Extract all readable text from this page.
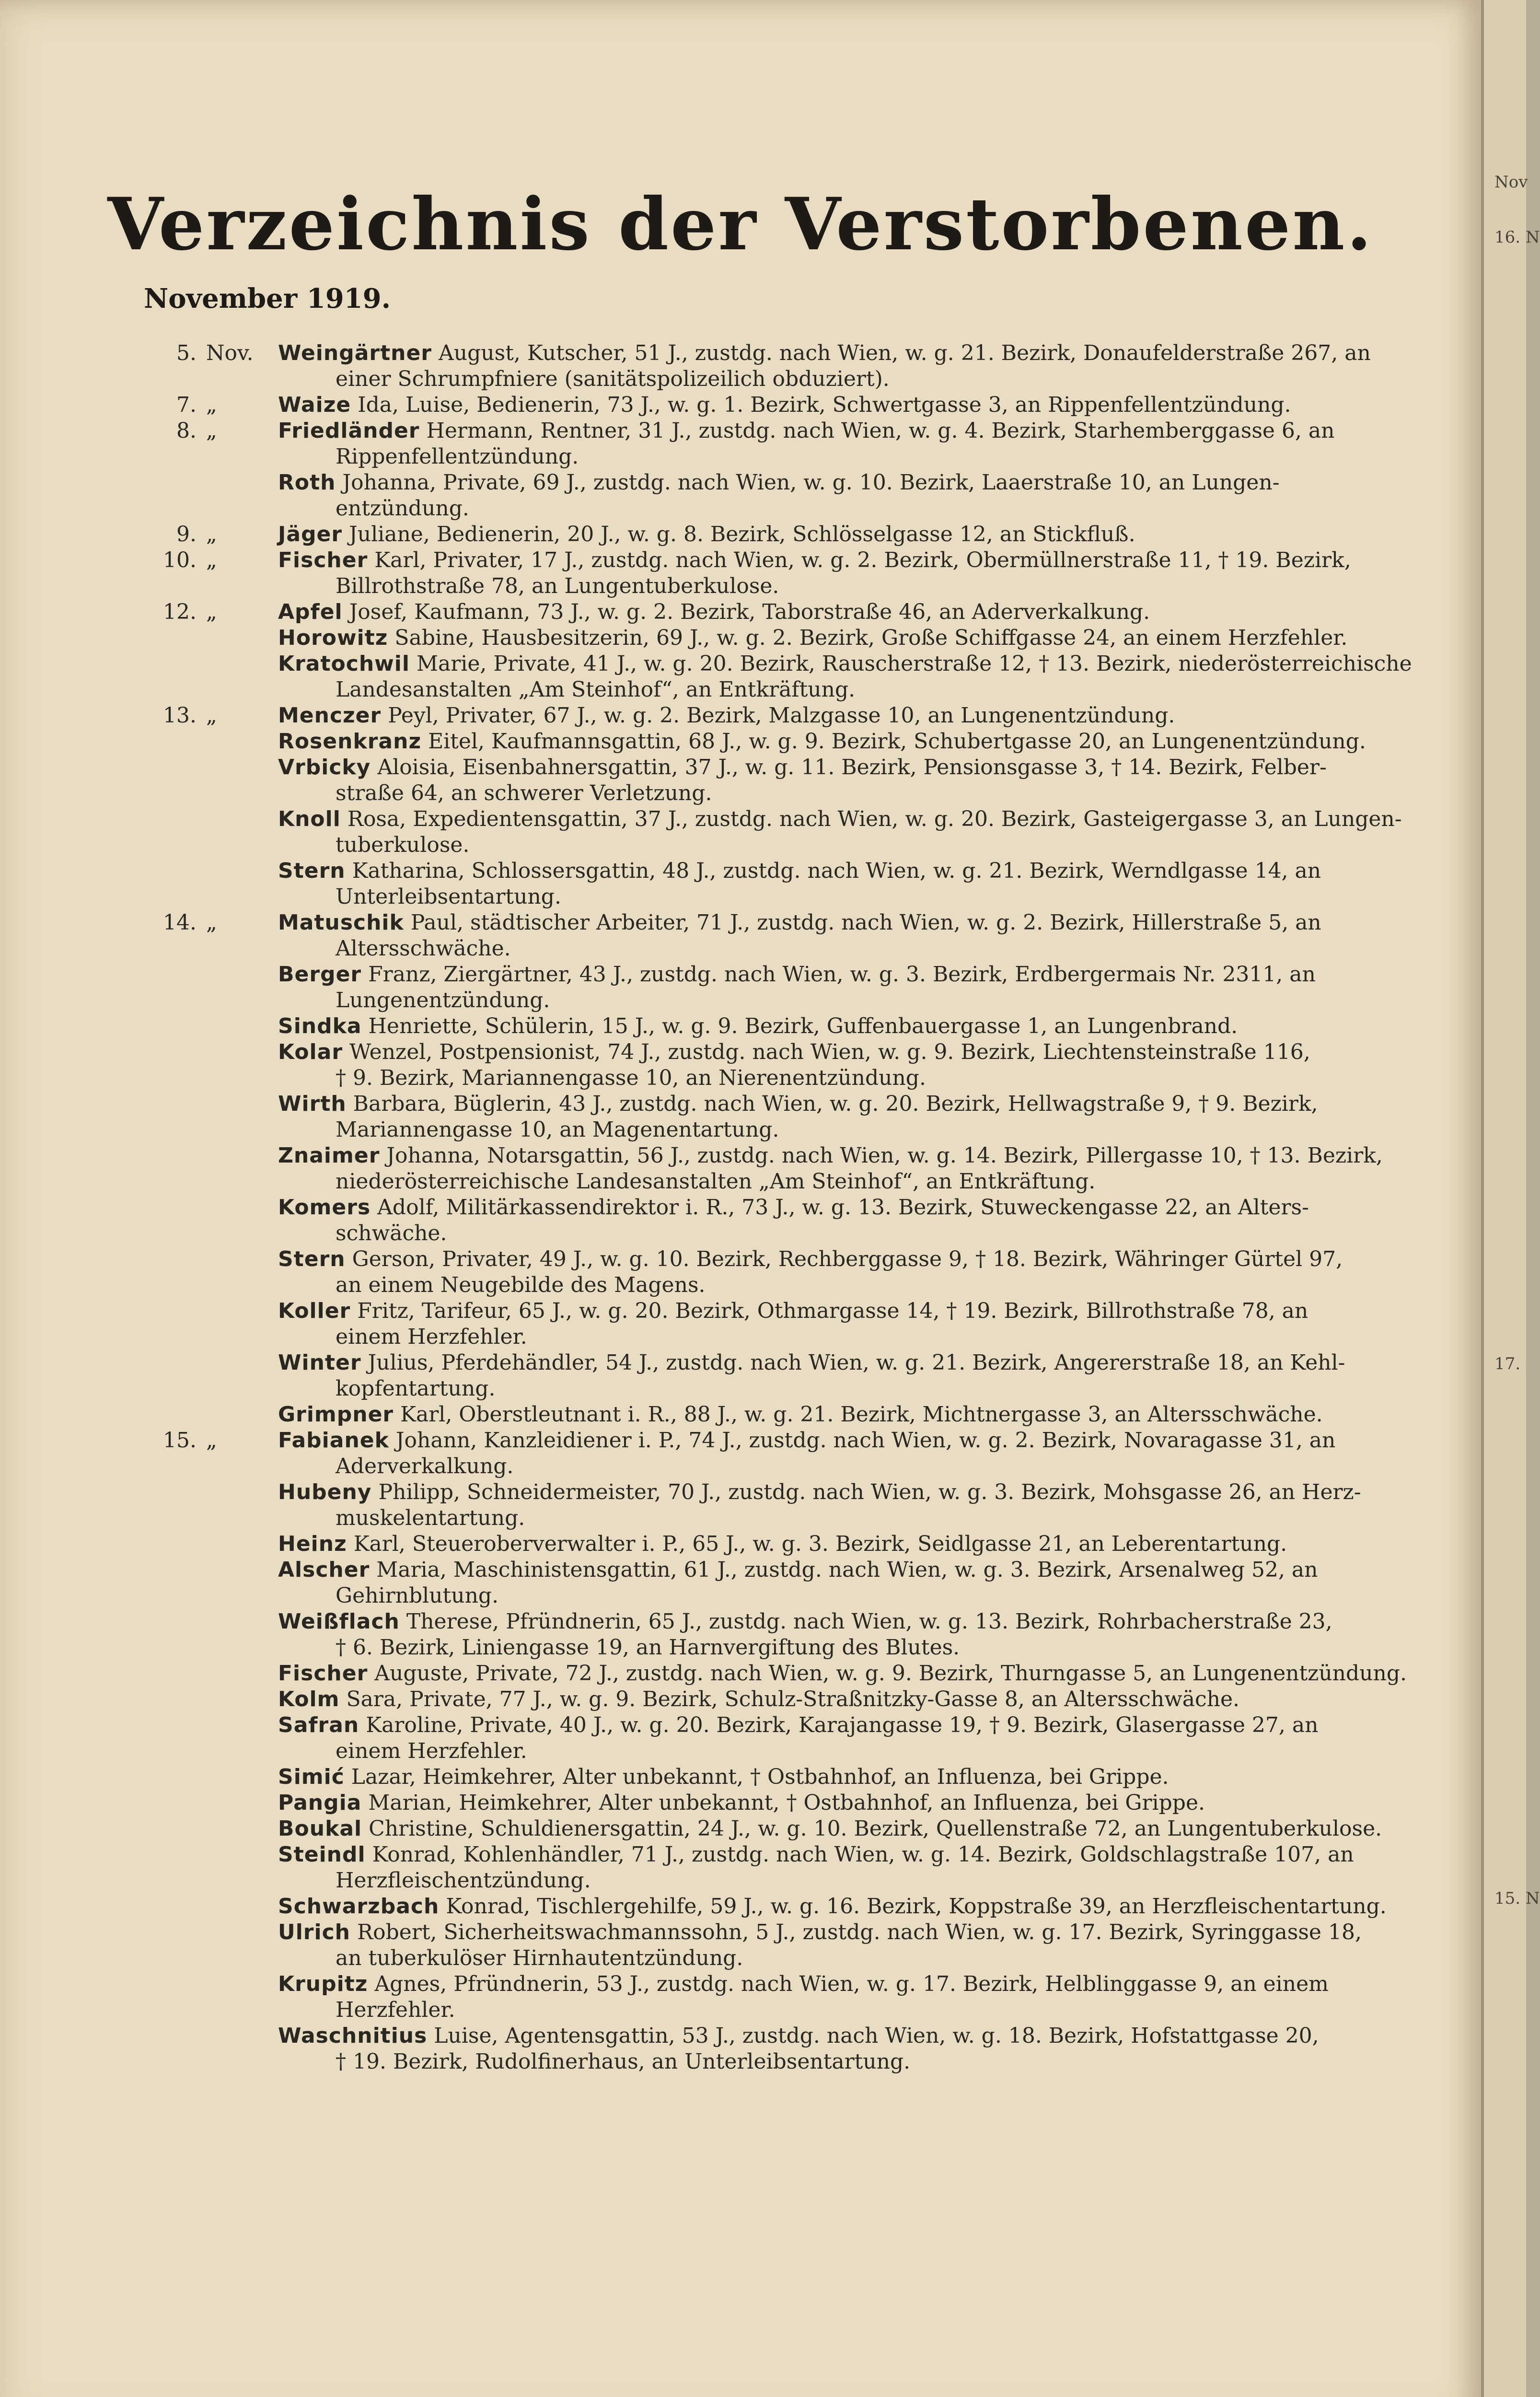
Verzeichnis der Verstorbenen.
November 1919.
5. Nov.	Weingärtner August, Kutscher, 51 J., zustdg. nach Wien, w. g. 21. Bezirk, Donaufelderstraße 267, an
einer Schrumpfniere (sanitätspolizeilich obduziert).
7. „	Waize Ida, Luise, Bedienerin, 73 J., w. g. 1. Bezirk, Schwertgasse 3, an Rippenfellentzündung.
8. „	Friedländer Hermann, Rentner, 31 J., zustdg. nach Wien, w. g. 4. Bezirk, Starhemberggasse 6, an
Rippenfellentzündung.
Roth Johanna, Private, 69 J., zustdg. nach Wien, w. g. 10. Bezirk, Laaerstraße 10, an Lungen-
entzündung.
9. „	Jäger Juliane, Bedienerin, 20 J., w. g. 8. Bezirk, Schlösselgasse 12, an Stickfluß.
10. „	Fischer Karl, Privater, 17 J., zustdg. nach Wien, w. g. 2. Bezirk, Obermüllnerstraße 11, † 19. Bezirk,
Billrothstraße 78, an Lungentuberkulose.
12. „	Apfel Josef, Kaufmann, 73 J., w. g. 2. Bezirk, Taborstraße 46, an Aderverkalkung.
Horowitz Sabine, Hausbesitzerin, 69 J., w. g. 2. Bezirk, Große Schiffgasse 24, an einem Herzfehler.
Kratochwil Marie, Private, 41 J., w. g. 20. Bezirk, Rauscherstraße 12, † 13. Bezirk, niederösterreichische
Landesanstalten „Am Steinhof“, an Entkräftung.
13. „	Menczer Peyl, Privater, 67 J., w. g. 2. Bezirk, Malzgasse 10, an Lungenentzündung.
Rosenkranz Eitel, Kaufmannsgattin, 68 J., w. g. 9. Bezirk, Schubertgasse 20, an Lungenentzündung.
Vrbicky Aloisia, Eisenbahnersgattin, 37 J., w. g. 11. Bezirk, Pensionsgasse 3, † 14. Bezirk, Felber-
straße 64, an schwerer Verletzung.
Knoll Rosa, Expedientensgattin, 37 J., zustdg. nach Wien, w. g. 20. Bezirk, Gasteigergasse 3, an Lungen-
tuberkulose.
Stern Katharina, Schlossersgattin, 48 J., zustdg. nach Wien, w. g. 21. Bezirk, Werndlgasse 14, an
Unterleibsentartung.
14. „	Matuschik Paul, städtischer Arbeiter, 71 J., zustdg. nach Wien, w. g. 2. Bezirk, Hillerstraße 5, an
Altersschwäche.
Berger Franz, Ziergärtner, 43 J., zustdg. nach Wien, w. g. 3. Bezirk, Erdbergermais Nr. 2311, an
Lungenentzündung.
Sindka Henriette, Schülerin, 15 J., w. g. 9. Bezirk, Guffenbauergasse 1, an Lungenbrand.
Kolar Wenzel, Postpensionist, 74 J., zustdg. nach Wien, w. g. 9. Bezirk, Liechtensteinstraße 116,
† 9. Bezirk, Mariannengasse 10, an Nierenentzündung.
Wirth Barbara, Büglerin, 43 J., zustdg. nach Wien, w. g. 20. Bezirk, Hellwagstraße 9, † 9. Bezirk,
Mariannengasse 10, an Magenentartung.
Znaimer Johanna, Notarsgattin, 56 J., zustdg. nach Wien, w. g. 14. Bezirk, Pillergasse 10, † 13. Bezirk,
niederösterreichische Landesanstalten „Am Steinhof“, an Entkräftung.
Komers Adolf, Militärkassendirektor i. R., 73 J., w. g. 13. Bezirk, Stuweckengasse 22, an Alters-
schwäche.
Stern Gerson, Privater, 49 J., w. g. 10. Bezirk, Rechberggasse 9, † 18. Bezirk, Währinger Gürtel 97,
an einem Neugebilde des Magens.
Koller Fritz, Tarifeur, 65 J., w. g. 20. Bezirk, Othmargasse 14, † 19. Bezirk, Billrothstraße 78, an
einem Herzfehler.
Winter Julius, Pferdehändler, 54 J., zustdg. nach Wien, w. g. 21. Bezirk, Angererstraße 18, an Kehl-
kopfentartung.
Grimpner Karl, Oberstleutnant i. R., 88 J., w. g. 21. Bezirk, Michtnergasse 3, an Altersschwäche.
15. „	Fabianek Johann, Kanzleidiener i. P., 74 J., zustdg. nach Wien, w. g. 2. Bezirk, Novaragasse 31, an
Aderverkalkung.
Hubeny Philipp, Schneidermeister, 70 J., zustdg. nach Wien, w. g. 3. Bezirk, Mohsgasse 26, an Herz-
muskelentartung.
Heinz Karl, Steueroberverwalter i. P., 65 J., w. g. 3. Bezirk, Seidlgasse 21, an Leberentartung.
Alscher Maria, Maschinistensgattin, 61 J., zustdg. nach Wien, w. g. 3. Bezirk, Arsenalweg 52, an
Gehirnblutung.
Weißflach Therese, Pfründnerin, 65 J., zustdg. nach Wien, w. g. 13. Bezirk, Rohrbacherstraße 23,
† 6. Bezirk, Liniengasse 19, an Harnvergiftung des Blutes.
Fischer Auguste, Private, 72 J., zustdg. nach Wien, w. g. 9. Bezirk, Thurngasse 5, an Lungenentzündung.
Kolm Sara, Private, 77 J., w. g. 9. Bezirk, Schulz-Straßnitzky-Gasse 8, an Altersschwäche.
Safran Karoline, Private, 40 J., w. g. 20. Bezirk, Karajangasse 19, † 9. Bezirk, Glasergasse 27, an
einem Herzfehler.
Simić Lazar, Heimkehrer, Alter unbekannt, † Ostbahnhof, an Influenza, bei Grippe.
Pangia Marian, Heimkehrer, Alter unbekannt, † Ostbahnhof, an Influenza, bei Grippe.
Boukal Christine, Schuldienersgattin, 24 J., w. g. 10. Bezirk, Quellenstraße 72, an Lungentuberkulose.
Steindl Konrad, Kohlenhändler, 71 J., zustdg. nach Wien, w. g. 14. Bezirk, Goldschlagstraße 107, an
Herzfleischentzündung.
Schwarzbach Konrad, Tischlergehilfe, 59 J., w. g. 16. Bezirk, Koppstraße 39, an Herzfleischentartung.
Ulrich Robert, Sicherheitswachmannssohn, 5 J., zustdg. nach Wien, w. g. 17. Bezirk, Syringgasse 18,
an tuberkulöser Hirnhautentzündung.
Krupitz Agnes, Pfründnerin, 53 J., zustdg. nach Wien, w. g. 17. Bezirk, Helblinggasse 9, an einem
Herzfehler.
Waschnitius Luise, Agentensgattin, 53 J., zustdg. nach Wien, w. g. 18. Bezirk, Hofstattgasse 20,
† 19. Bezirk, Rudolfinerhaus, an Unterleibsentartung.
Nov
16. N
17.
15. N
